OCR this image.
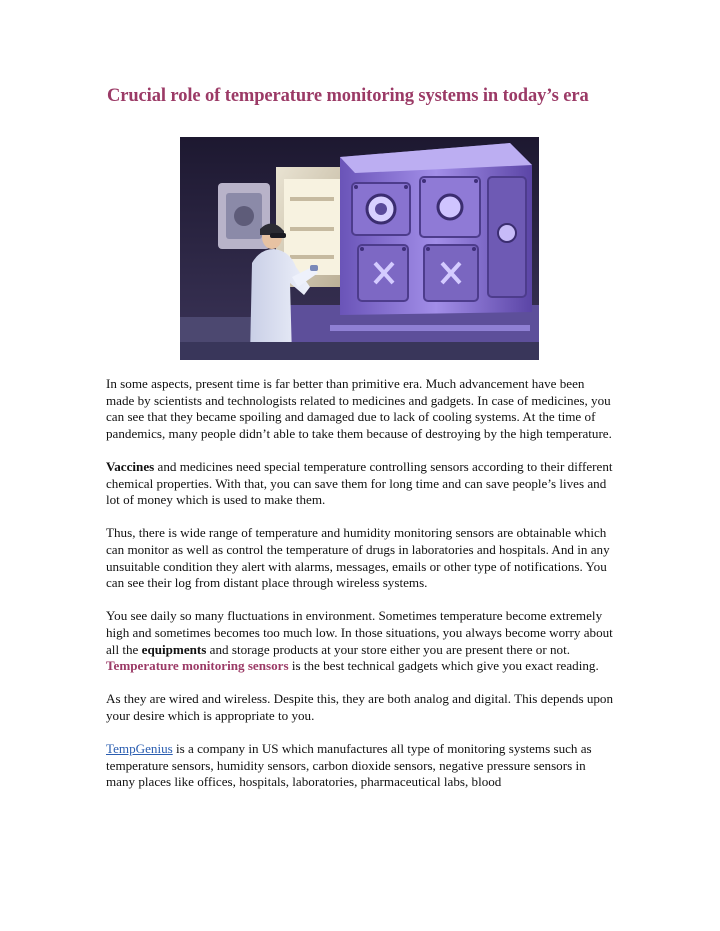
Crucial role of temperature monitoring systems in today’s era

In some aspects, present time is far better than primitive era. Much advancement have been made by scientists and technologists related to medicines and gadgets. In case of medicines, you can see that they became spoiling and damaged due to lack of cooling systems. At the time of pandemics, many people didn’t able to take them because of destroying by the high temperature.

Vaccines and medicines need special temperature controlling sensors according to their different chemical properties. With that, you can save them for long time and can save people’s lives and lot of money which is used to make them.

Thus, there is wide range of temperature and humidity monitoring sensors are obtainable which can monitor as well as control the temperature of drugs in laboratories and hospitals. And in any unsuitable condition they alert with alarms, messages, emails or other type of notifications. You can see their log from distant place through wireless systems.

You see daily so many fluctuations in environment. Sometimes temperature become extremely high and sometimes becomes too much low. In those situations, you always become worry about all the equipments and storage products at your store either you are present there or not. Temperature monitoring sensors is the best technical gadgets which give you exact reading.

As they are wired and wireless. Despite this, they are both analog and digital. This depends upon your desire which is appropriate to you.

TempGenius is a company in US which manufactures all type of monitoring systems such as temperature sensors, humidity sensors, carbon dioxide sensors, negative pressure sensors in many places like offices, hospitals, laboratories, pharmaceutical labs, blood
